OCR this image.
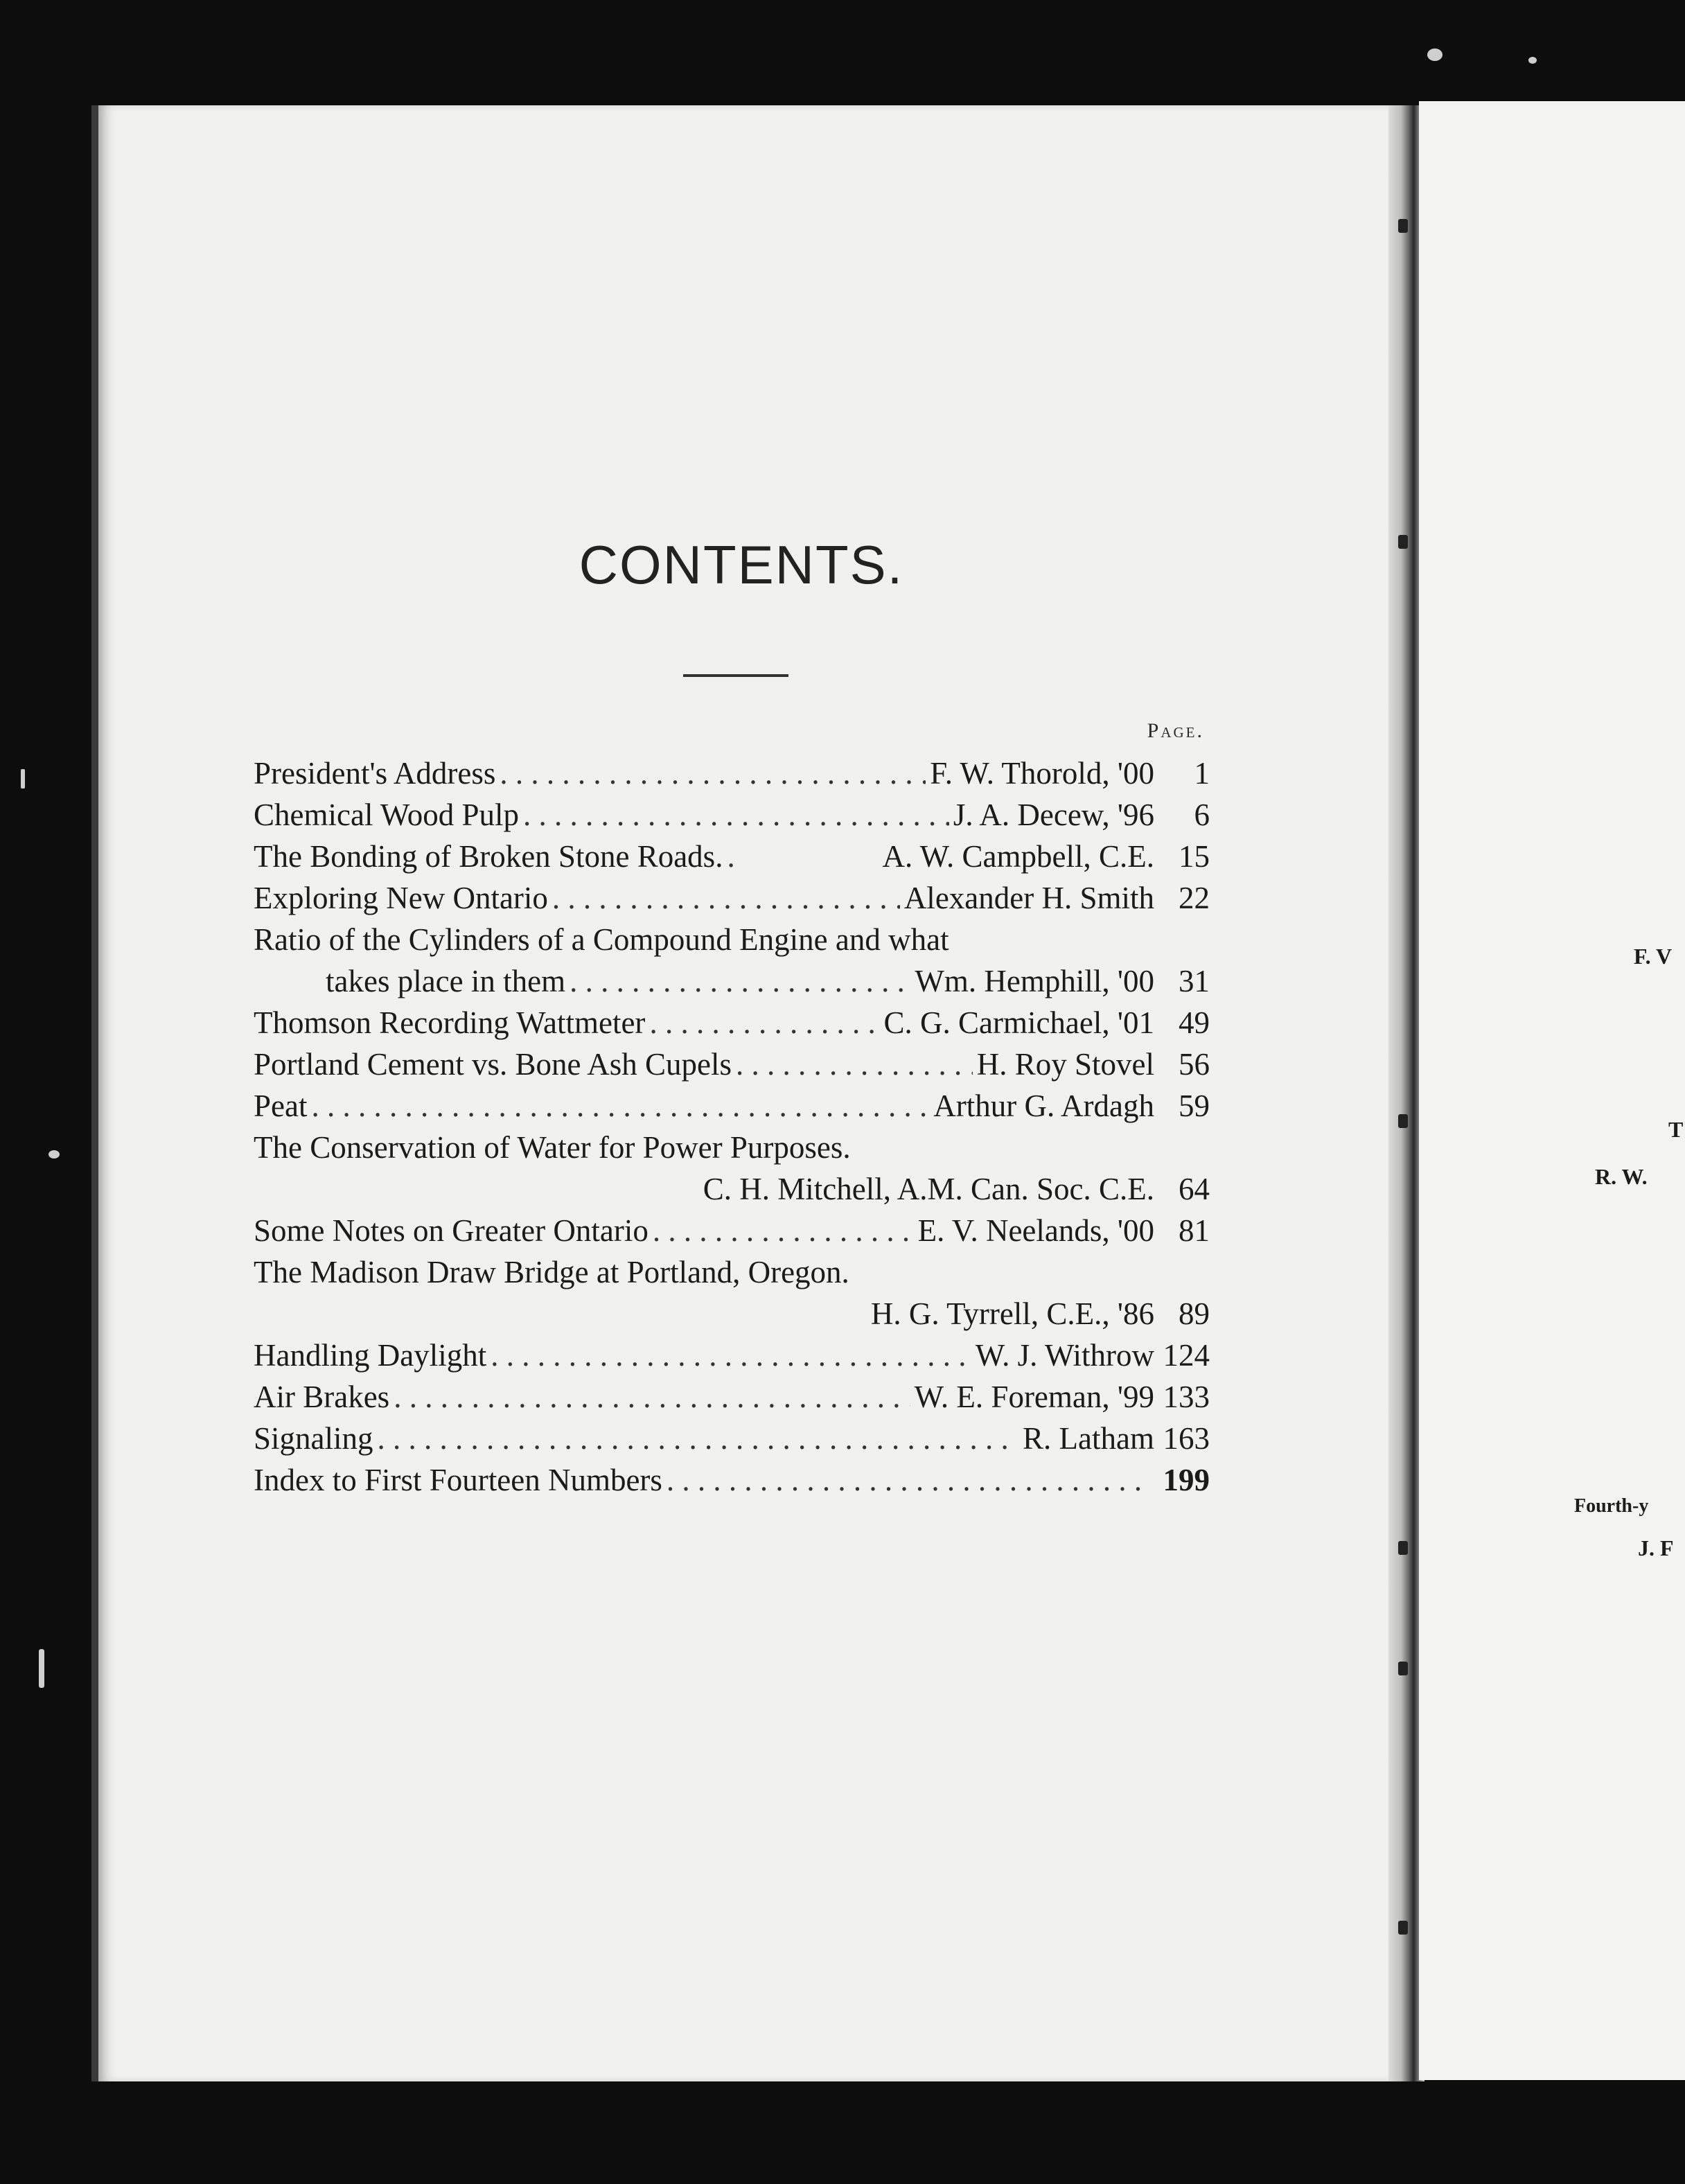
F. V
T
R. W.
Fourth-y
J. F
CONTENTS.
Page.
President's Address . . .	F. W. Thorold, '00	1
Chemical Wood Pulp . . .	J. A. Decew, '96	6
The Bonding of Broken Stone Roads. . . .	A. W. Campbell, C.E. 15
Exploring New Ontario . . .	Alexander H. Smith 22
Ratio of the Cylinders of a Compound Engine and what
takes place in them . . .	Wm. Hemphill, '00 31
Thomson Recording Wattmeter . . .	C. G. Carmichael, '01 49
Portland Cement vs. Bone Ash Cupels . . .	H. Roy Stovel 56
Peat . . .	Arthur G. Ardagh 59
The Conservation of Water for Power Purposes.
C. H. Mitchell, A.M. Can. Soc. C.E. 64
Some Notes on Greater Ontario . . .	E. V. Neelands, '00 81
The Madison Draw Bridge at Portland, Oregon.
H. G. Tyrrell, C.E., '86 89
Handling Daylight . . .	W. J. Withrow 124
Air Brakes . . .	W. E. Foreman, '99 133
Signaling . . .	R. Latham 163
Index to First Fourteen Numbers . . .	199
